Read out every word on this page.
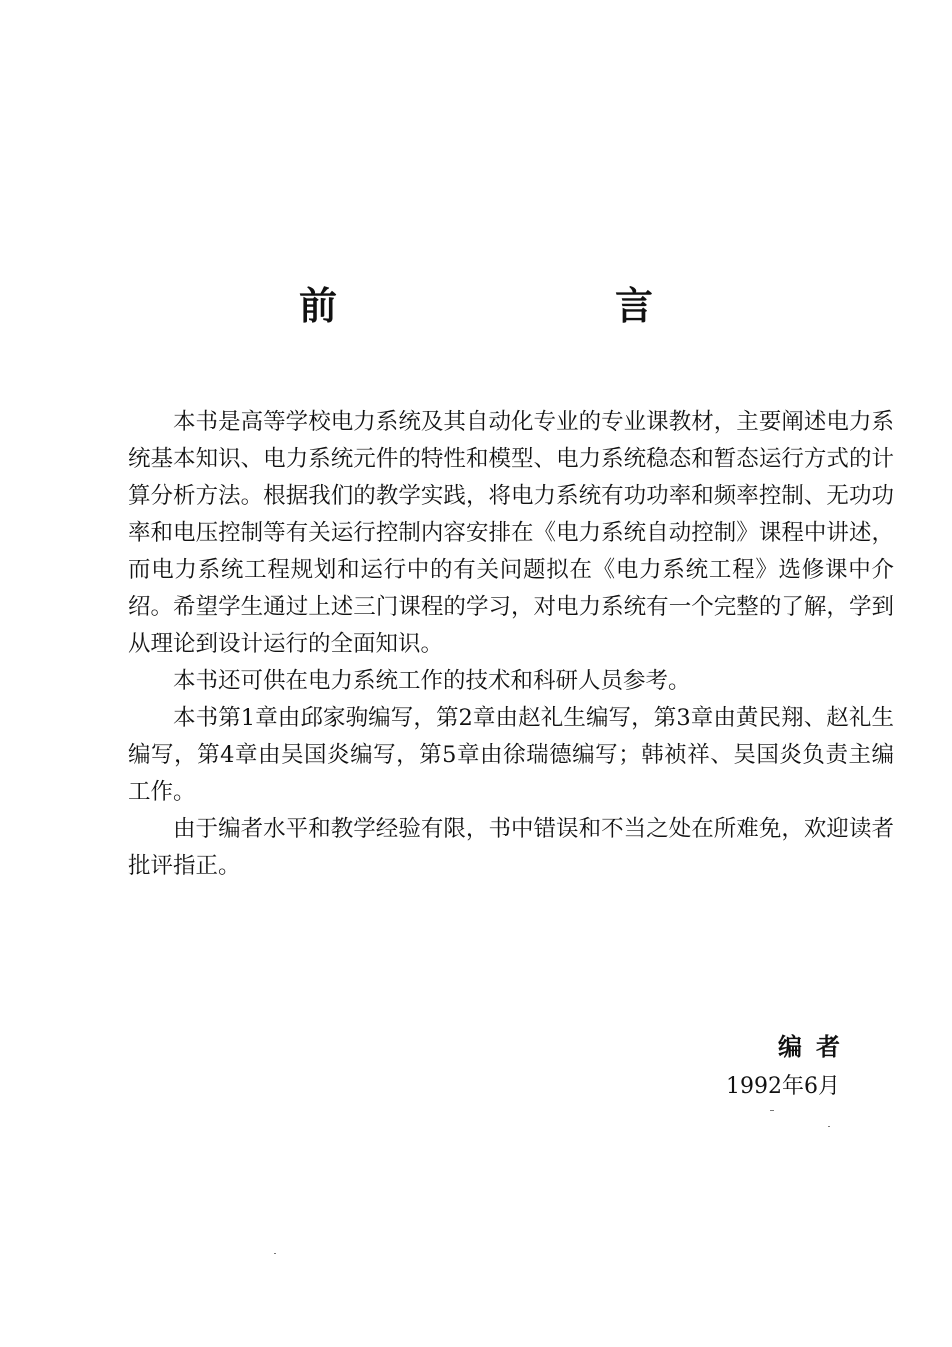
前　言

本书是高等学校电力系统及其自动化专业的专业课教材，主要阐述电力系统基本知识、电力系统元件的特性和模型、电力系统稳态和暂态运行方式的计算分析方法。根据我们的教学实践，将电力系统有功功率和频率控制、无功功率和电压控制等有关运行控制内容安排在《电力系统自动控制》课程中讲述，而电力系统工程规划和运行中的有关问题拟在《电力系统工程》选修课中介绍。希望学生通过上述三门课程的学习，对电力系统有一个完整的了解，学到从理论到设计运行的全面知识。

本书还可供在电力系统工作的技术和科研人员参考。

本书第1章由邱家驹编写，第2章由赵礼生编写，第3章由黄民翔、赵礼生编写，第4章由吴国炎编写，第5章由徐瑞德编写；韩祯祥、吴国炎负责主编工作。

由于编者水平和教学经验有限，书中错误和不当之处在所难免，欢迎读者批评指正。

编者
1992年6月
